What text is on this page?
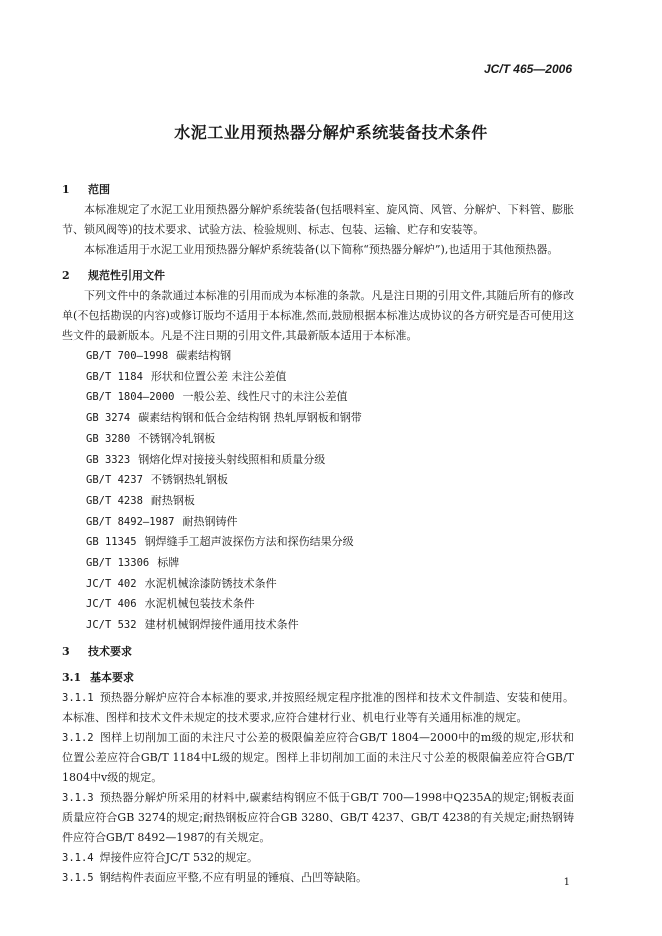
JC/T 465—2006
水泥工业用预热器分解炉系统装备技术条件

1 范围

本标准规定了水泥工业用预热器分解炉系统装备(包括喂料室、旋风筒、风管、分解炉、下料管、膨胀节、锁风阀等)的技术要求、试验方法、检验规则、标志、包装、运输、贮存和安装等。

本标准适用于水泥工业用预热器分解炉系统装备(以下简称“预热器分解炉”),也适用于其他预热器。

2 规范性引用文件

下列文件中的条款通过本标准的引用而成为本标准的条款。凡是注日期的引用文件,其随后所有的修改单(不包括勘误的内容)或修订版均不适用于本标准,然而,鼓励根据本标准达成协议的各方研究是否可使用这些文件的最新版本。凡是不注日期的引用文件,其最新版本适用于本标准。

GB/T 700—1998 碳素结构钢
GB/T 1184 形状和位置公差 未注公差值
GB/T 1804—2000 一般公差、线性尺寸的未注公差值
GB 3274 碳素结构钢和低合金结构钢 热轧厚钢板和钢带
GB 3280 不锈钢冷轧钢板
GB 3323 钢熔化焊对接接头射线照相和质量分级
GB/T 4237 不锈钢热轧钢板
GB/T 4238 耐热钢板
GB/T 8492—1987 耐热钢铸件
GB 11345 钢焊缝手工超声波探伤方法和探伤结果分级
GB/T 13306 标牌
JC/T 402 水泥机械涂漆防锈技术条件
JC/T 406 水泥机械包装技术条件
JC/T 532 建材机械钢焊接件通用技术条件

3 技术要求

3.1 基本要求

3.1.1 预热器分解炉应符合本标准的要求,并按照经规定程序批准的图样和技术文件制造、安装和使用。本标准、图样和技术文件未规定的技术要求,应符合建材行业、机电行业等有关通用标准的规定。

3.1.2 图样上切削加工面的未注尺寸公差的极限偏差应符合GB/T 1804—2000中的m级的规定,形状和位置公差应符合GB/T 1184中L级的规定。图样上非切削加工面的未注尺寸公差的极限偏差应符合GB/T 1804中v级的规定。

3.1.3 预热器分解炉所采用的材料中,碳素结构钢应不低于GB/T 700—1998中Q235A的规定;钢板表面质量应符合GB 3274的规定;耐热钢板应符合GB 3280、GB/T 4237、GB/T 4238的有关规定;耐热钢铸件应符合GB/T 8492—1987的有关规定。

3.1.4 焊接件应符合JC/T 532的规定。

3.1.5 钢结构件表面应平整,不应有明显的锤痕、凸凹等缺陷。	1
